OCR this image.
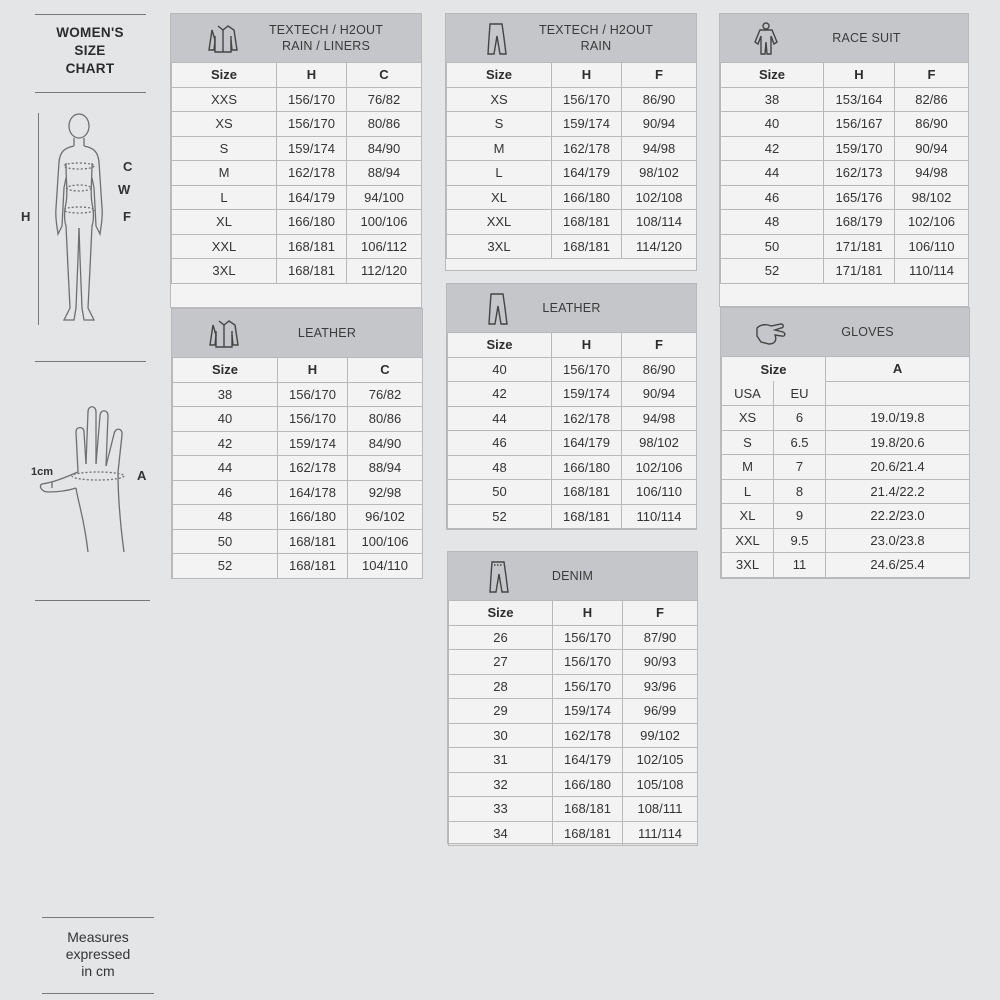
WOMEN'S
SIZE
CHART
H
C
W
F
1cm	A
Measures
expressed
in cm
TEXTECH / H2OUT
RAIN / LINERS
Size	H	C
XXS	156/170	76/82
XS	156/170	80/86
S	159/174	84/90
M	162/178	88/94
L	164/179	94/100
XL	166/180	100/106
XXL	168/181	106/112
3XL	168/181	112/120
TEXTECH / H2OUT
RAIN
Size	H	F
XS	156/170	86/90
S	159/174	90/94
M	162/178	94/98
L	164/179	98/102
XL	166/180	102/108
XXL	168/181	108/114
3XL	168/181	114/120
RACE SUIT
Size	H	F
38	153/164	82/86
40	156/167	86/90
42	159/170	90/94
44	162/173	94/98
46	165/176	98/102
48	168/179	102/106
50	171/181	106/110
52	171/181	110/114
LEATHER
Size	H	C
38	156/170	76/82
40	156/170	80/86
42	159/174	84/90
44	162/178	88/94
46	164/178	92/98
48	166/180	96/102
50	168/181	100/106
52	168/181	104/110
LEATHER
Size	H	F
40	156/170	86/90
42	159/174	90/94
44	162/178	94/98
46	164/179	98/102
48	166/180	102/106
50	168/181	106/110
52	168/181	110/114
DENIM
Size	H	F
26	156/170	87/90
27	156/170	90/93
28	156/170	93/96
29	159/174	96/99
30	162/178	99/102
31	164/179	102/105
32	166/180	105/108
33	168/181	108/111
34	168/181	111/114
GLOVES
Size		A
USA	EU	
XS	6	19.0/19.8
S	6.5	19.8/20.6
M	7	20.6/21.4
L	8	21.4/22.2
XL	9	22.2/23.0
XXL	9.5	23.0/23.8
3XL	11	24.6/25.4
